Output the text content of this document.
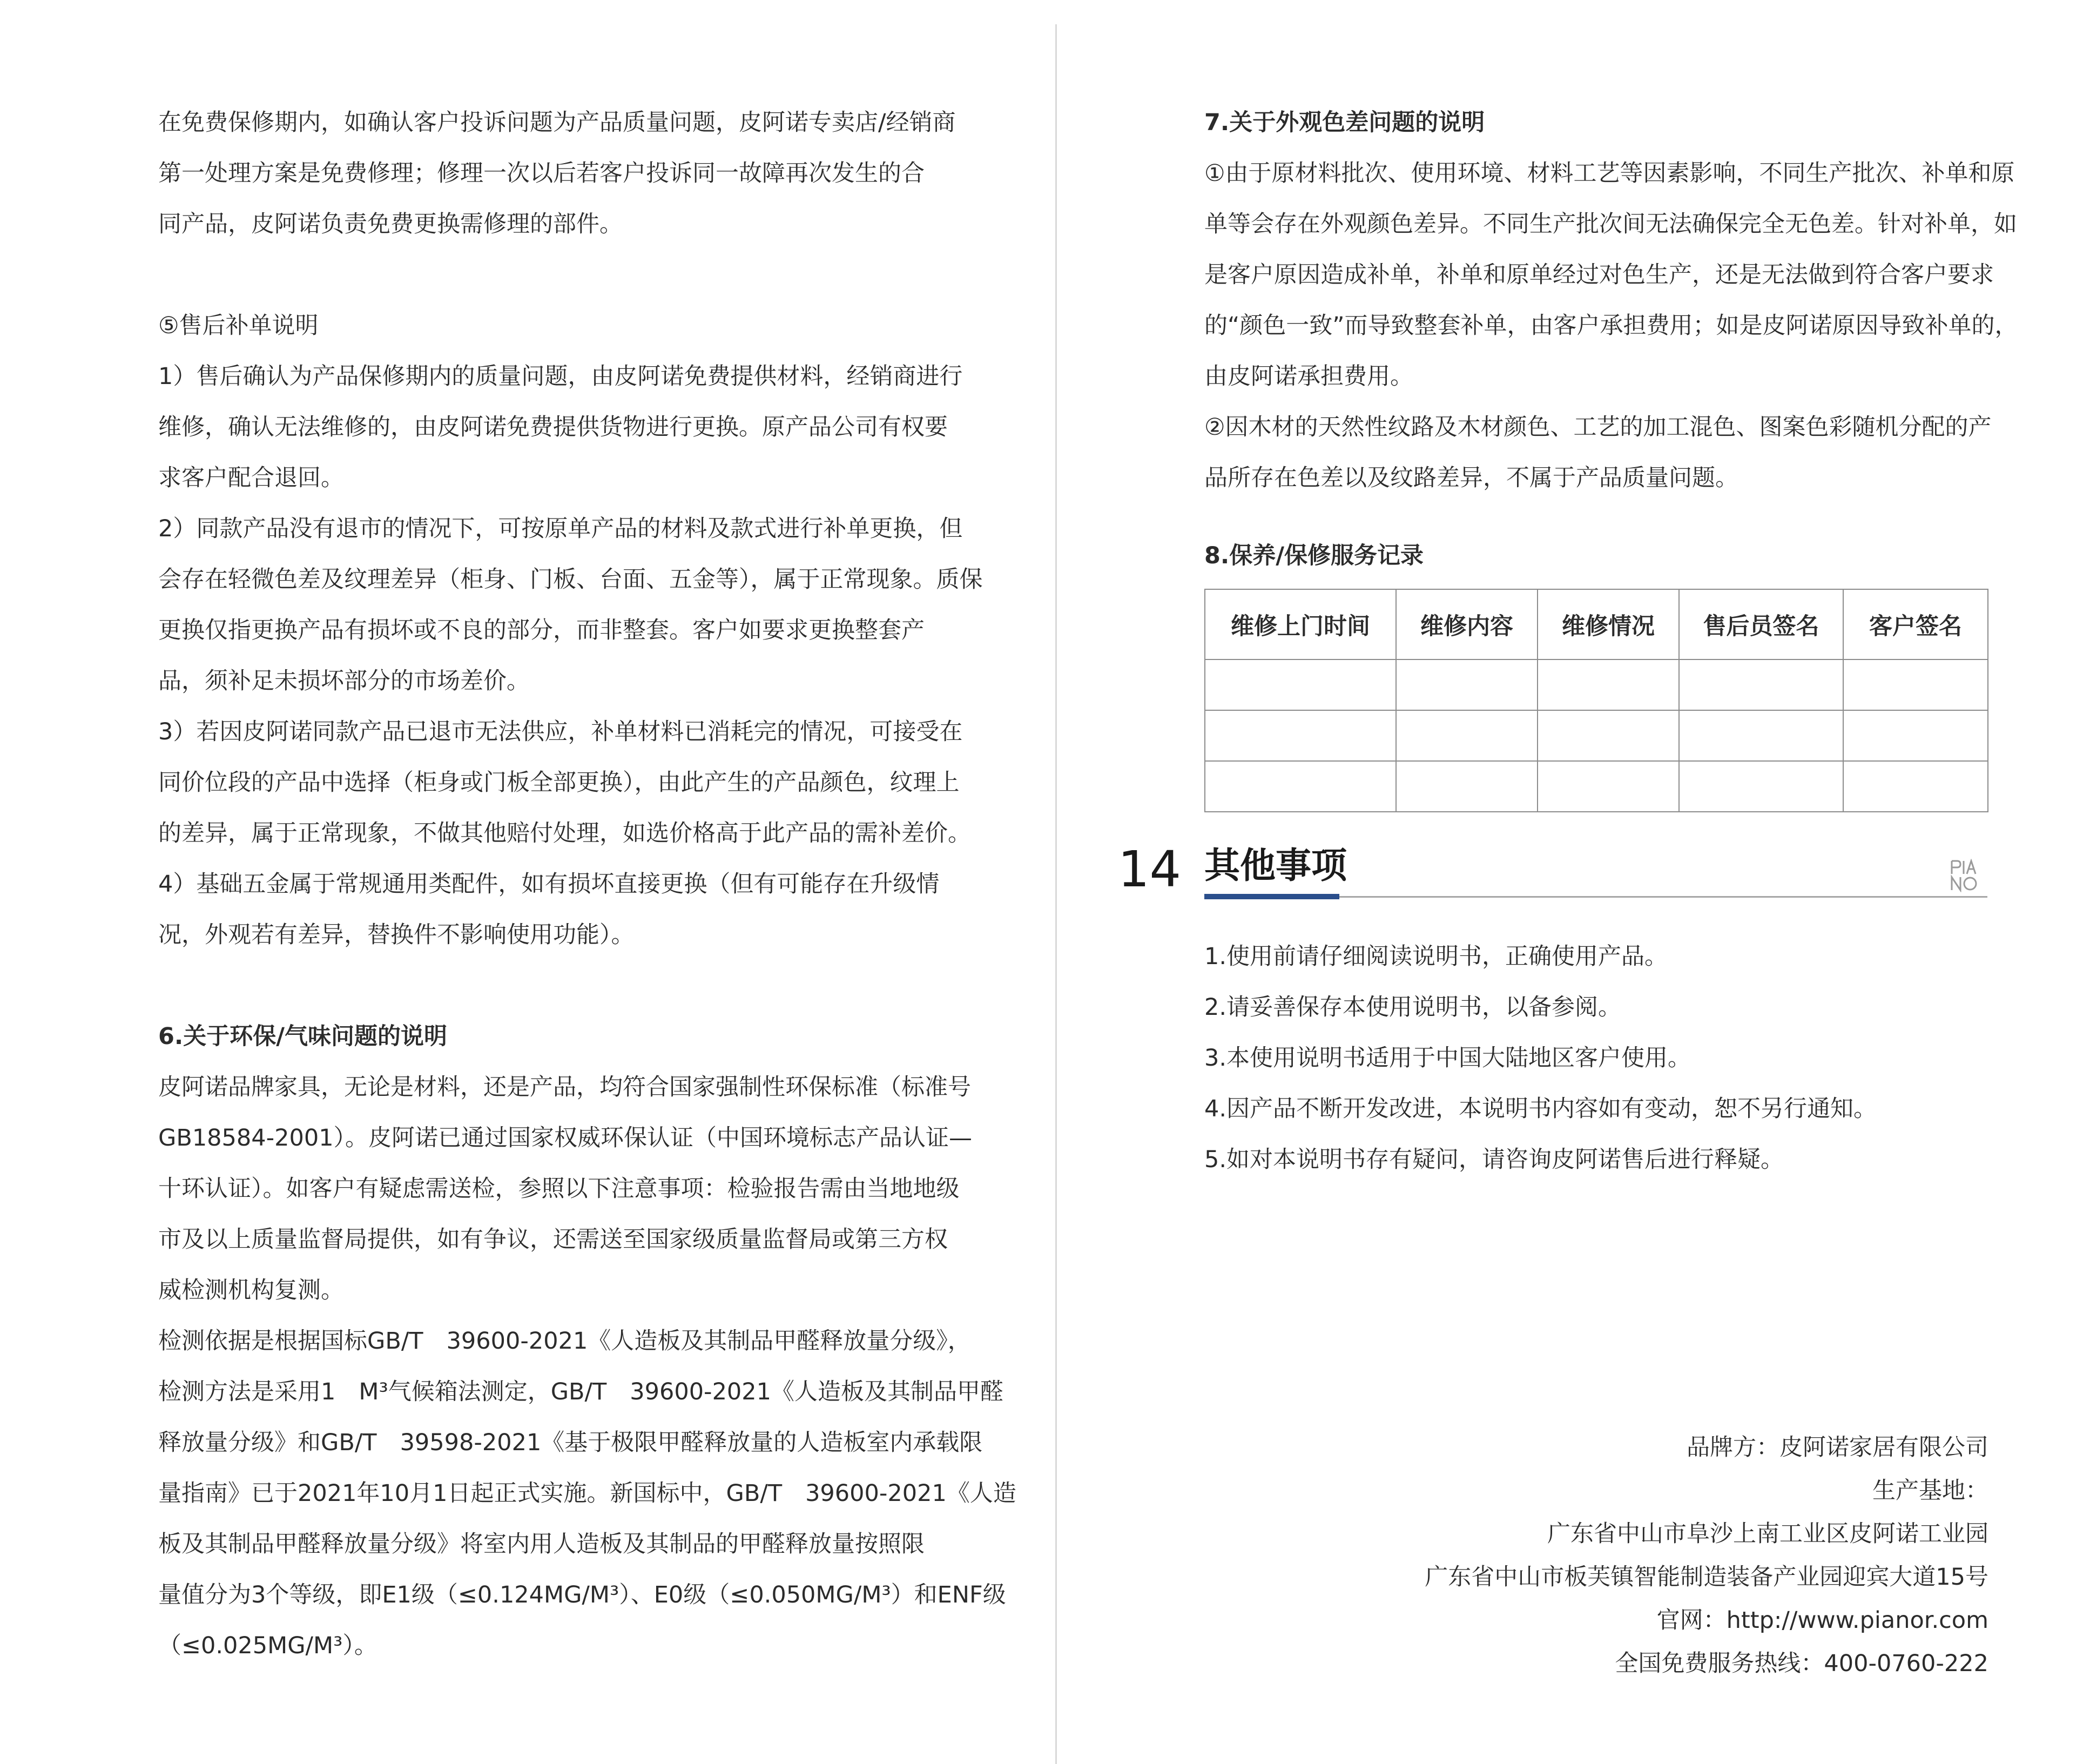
在免费保修期内，如确认客户投诉问题为产品质量问题，皮阿诺专卖店/经销商
第一处理方案是免费修理；修理一次以后若客户投诉同一故障再次发生的合
同产品，皮阿诺负责免费更换需修理的部件。
⑤售后补单说明
1）售后确认为产品保修期内的质量问题，由皮阿诺免费提供材料，经销商进行
维修，确认无法维修的，由皮阿诺免费提供货物进行更换。原产品公司有权要
求客户配合退回。
2）同款产品没有退市的情况下，可按原单产品的材料及款式进行补单更换，但
会存在轻微色差及纹理差异（柜身、门板、台面、五金等），属于正常现象。质保
更换仅指更换产品有损坏或不良的部分，而非整套。客户如要求更换整套产
品，须补足未损坏部分的市场差价。
3）若因皮阿诺同款产品已退市无法供应，补单材料已消耗完的情况，可接受在
同价位段的产品中选择（柜身或门板全部更换），由此产生的产品颜色，纹理上
的差异，属于正常现象，不做其他赔付处理，如选价格高于此产品的需补差价。
4）基础五金属于常规通用类配件，如有损坏直接更换（但有可能存在升级情
况，外观若有差异，替换件不影响使用功能）。
6.关于环保/气味问题的说明
皮阿诺品牌家具，无论是材料，还是产品，均符合国家强制性环保标准（标准号
GB18584-2001）。皮阿诺已通过国家权威环保认证（中国环境标志产品认证—
十环认证）。如客户有疑虑需送检，参照以下注意事项：检验报告需由当地地级
市及以上质量监督局提供，如有争议，还需送至国家级质量监督局或第三方权
威检测机构复测。
检测依据是根据国标GB/T　39600-2021《人造板及其制品甲醛释放量分级》，
检测方法是采用1　M³气候箱法测定，GB/T　39600-2021《人造板及其制品甲醛
释放量分级》和GB/T　39598-2021《基于极限甲醛释放量的人造板室内承载限
量指南》已于2021年10月1日起正式实施。新国标中，GB/T　39600-2021《人造
板及其制品甲醛释放量分级》将室内用人造板及其制品的甲醛释放量按照限
量值分为3个等级，即E1级（≤0.124MG/M³）、E0级（≤0.050MG/M³）和ENF级
（≤0.025MG/M³）。
7.关于外观色差问题的说明
①由于原材料批次、使用环境、材料工艺等因素影响，不同生产批次、补单和原
单等会存在外观颜色差异。不同生产批次间无法确保完全无色差。针对补单，如
是客户原因造成补单，补单和原单经过对色生产，还是无法做到符合客户要求
的“颜色一致”而导致整套补单，由客户承担费用；如是皮阿诺原因导致补单的，
由皮阿诺承担费用。
②因木材的天然性纹路及木材颜色、工艺的加工混色、图案色彩随机分配的产
品所存在色差以及纹路差异，不属于产品质量问题。
8.保养/保修服务记录
维修上门时间	维修内容	维修情况	售后员签名	客户签名

14 其他事项
1.使用前请仔细阅读说明书，正确使用产品。
2.请妥善保存本使用说明书，以备参阅。
3.本使用说明书适用于中国大陆地区客户使用。
4.因产品不断开发改进，本说明书内容如有变动，恕不另行通知。
5.如对本说明书存有疑问，请咨询皮阿诺售后进行释疑。
品牌方：皮阿诺家居有限公司
生产基地：
广东省中山市阜沙上南工业区皮阿诺工业园
广东省中山市板芙镇智能制造装备产业园迎宾大道15号
官网：http://www.pianor.com
全国免费服务热线：400-0760-222
